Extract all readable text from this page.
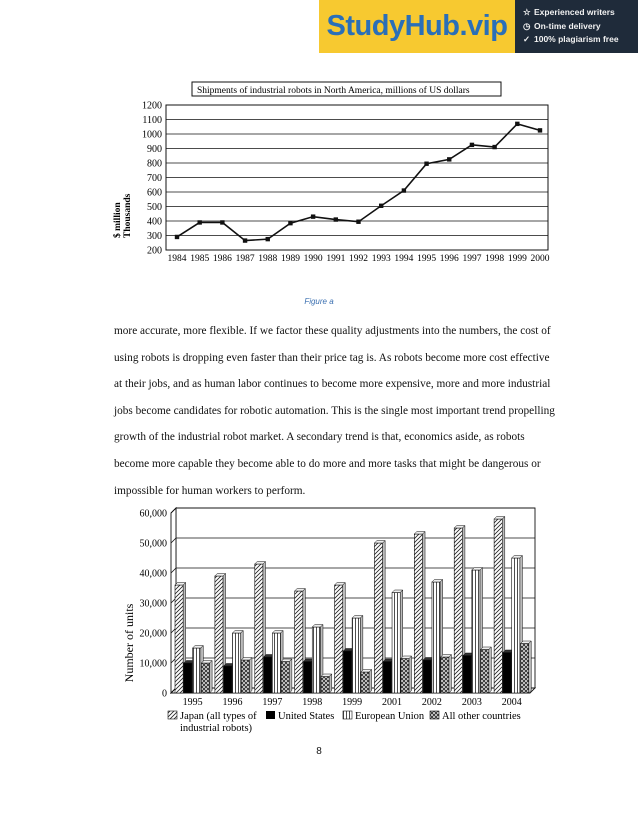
StudyHub.vip	☆ Experienced writers
◷ On-time delivery
✓ 100% plagiarism free
Shipments of industrial robots in North America, millions of US dollars
200
300
400
500
600
700
800
900
1000
1100
1200
1984 1985 1986 1987 1988 1989 1990 1991 1992 1993 1994 1995 1996 1997 1998 1999 2000
$ million Thousands
Figure a
more accurate, more flexible. If we factor these quality adjustments into the numbers, the cost of
using robots is dropping even faster than their price tag is. As robots become more cost effective
at their jobs, and as human labor continues to become more expensive, more and more industrial
jobs become candidates for robotic automation. This is the single most important trend propelling
growth of the industrial robot market. A secondary trend is that, economics aside, as robots
become more capable they become able to do more and more tasks that might be dangerous or
impossible for human workers to perform.
0
10,000
20,000
30,000
40,000
50,000
60,000
1995 1996 1997 1998 1999 2001 2002 2003 2004
Number of units
Japan (all types of
industrial robots)
United States European Union All other countries
8
